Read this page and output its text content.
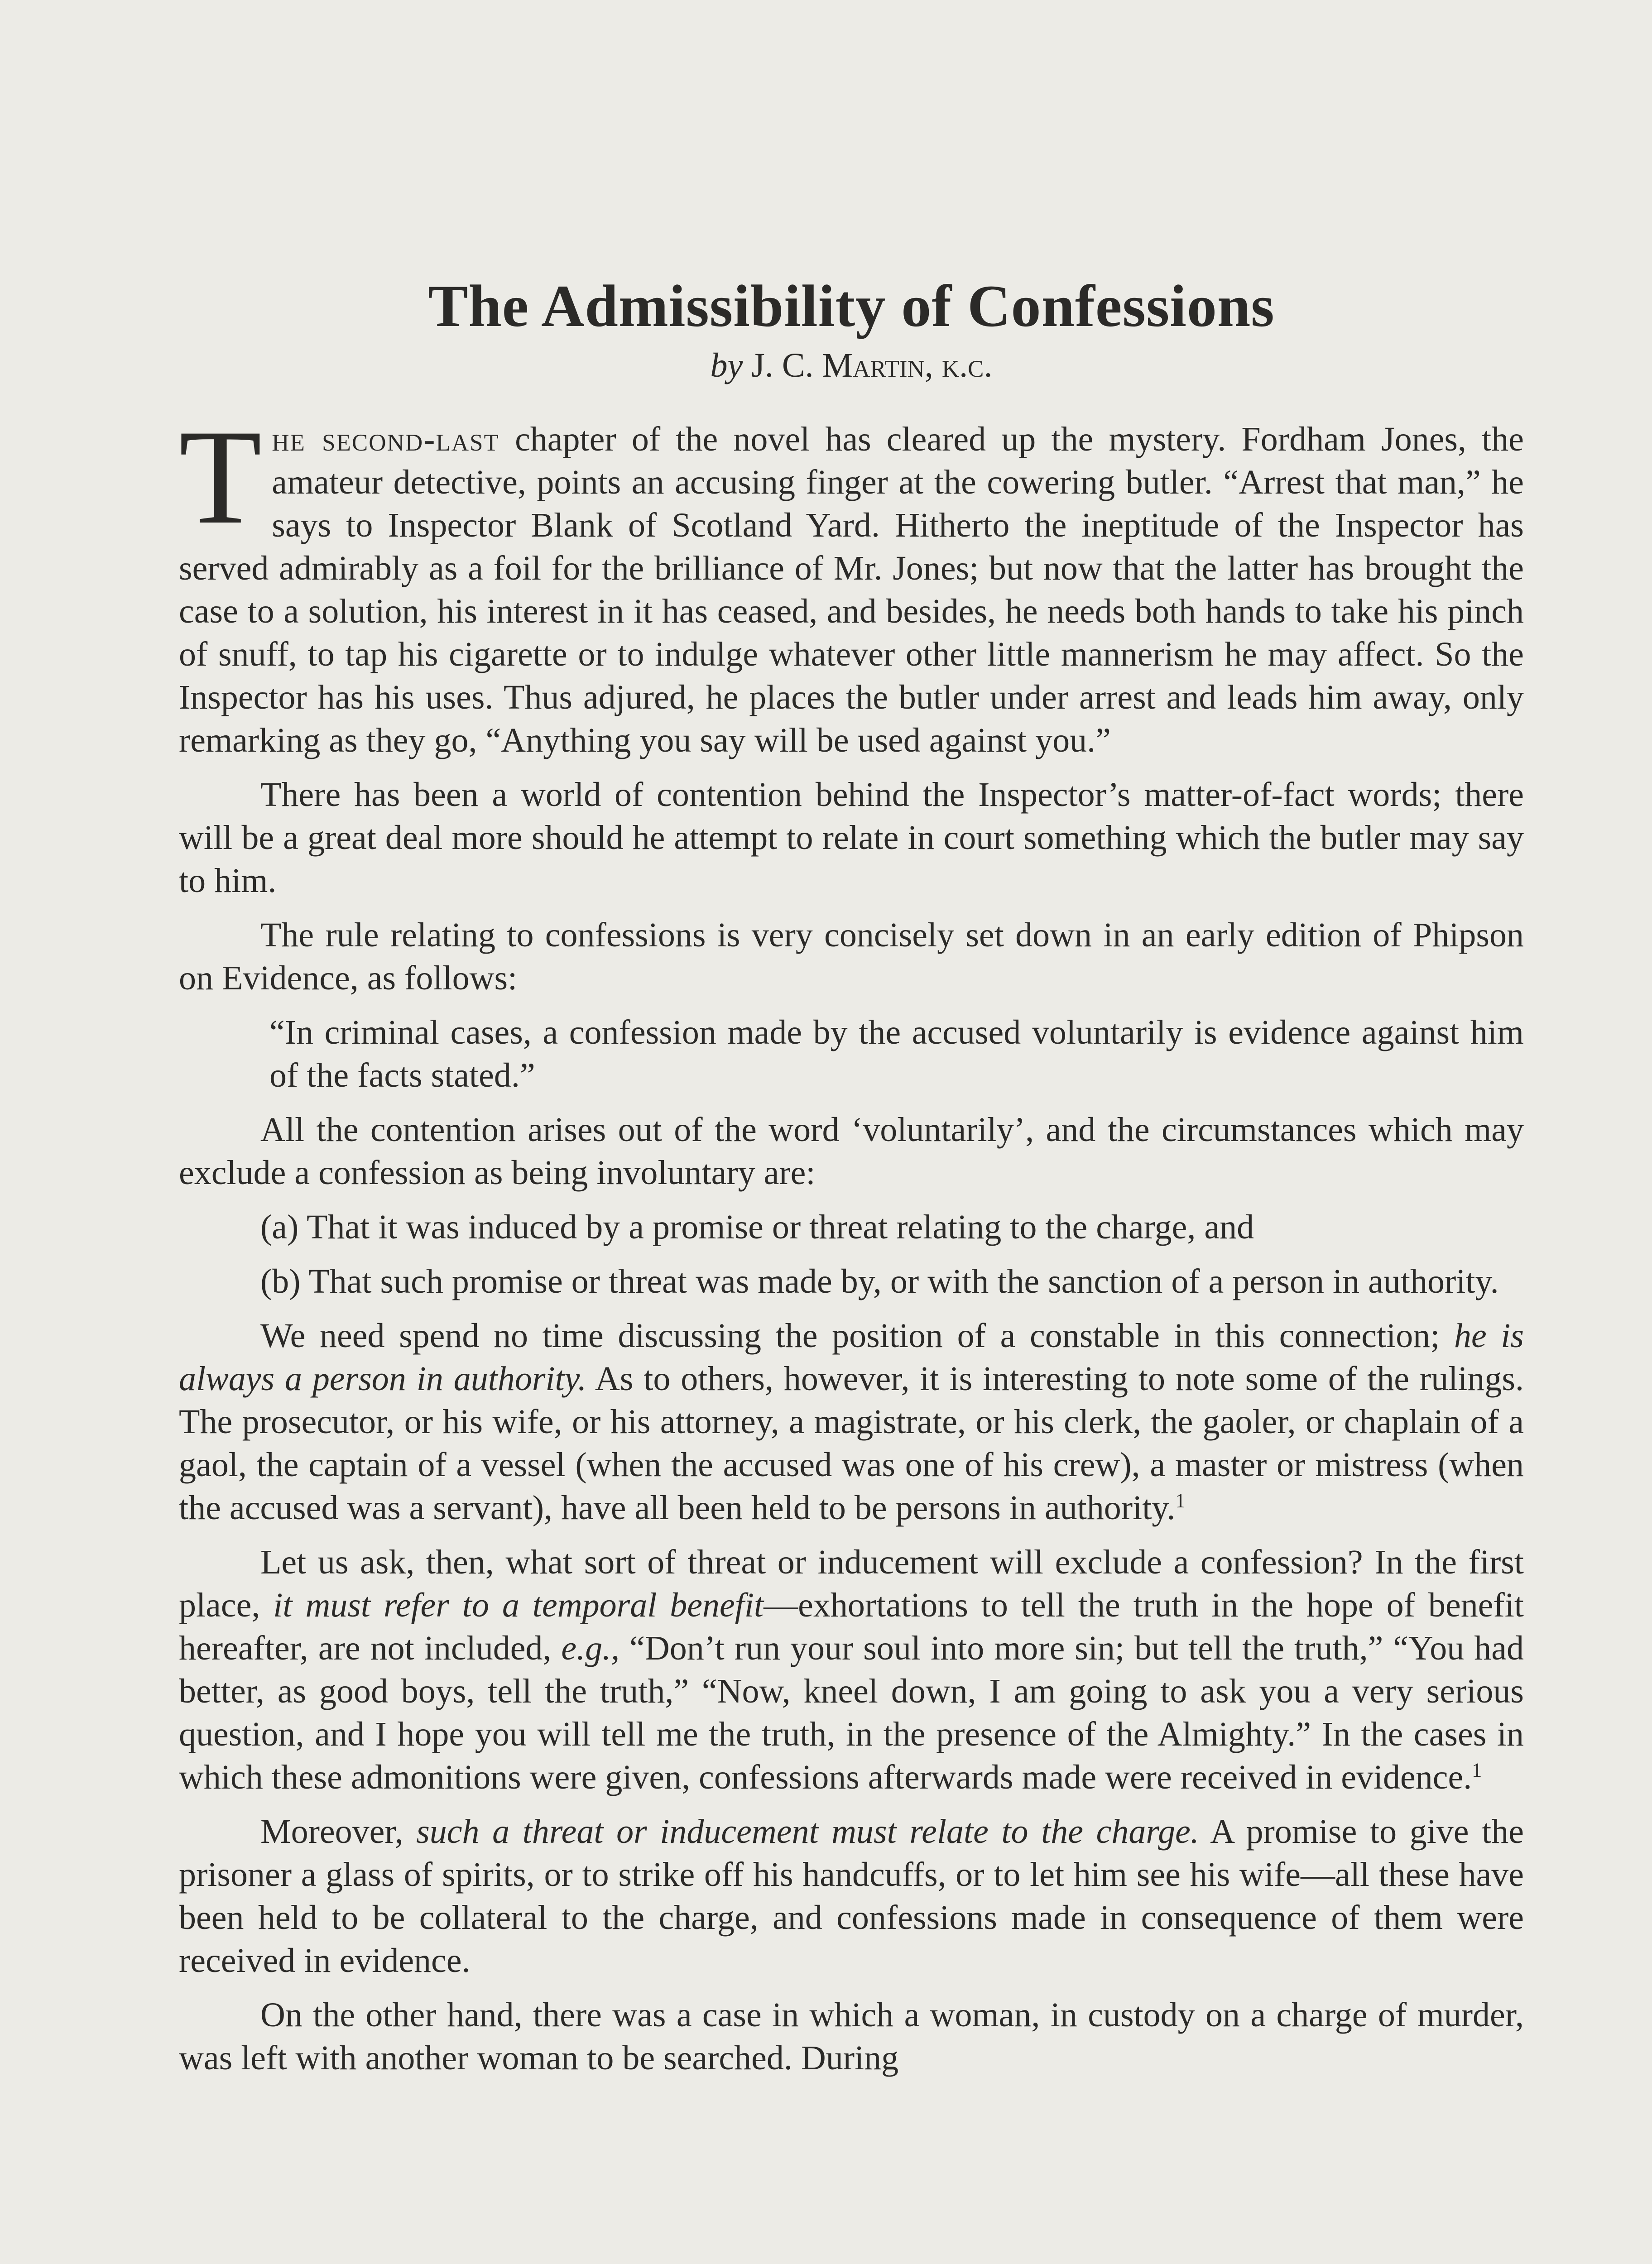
The Admissibility of Confessions
by J. C. Martin, k.c.

The second-last chapter of the novel has cleared up the mystery. Fordham Jones, the amateur detective, points an accusing finger at the cowering butler. “Arrest that man,” he says to Inspector Blank of Scotland Yard. Hitherto the ineptitude of the Inspector has served admirably as a foil for the brilliance of Mr. Jones; but now that the latter has brought the case to a solution, his interest in it has ceased, and besides, he needs both hands to take his pinch of snuff, to tap his cigarette or to indulge whatever other little mannerism he may affect. So the Inspector has his uses. Thus adjured, he places the butler under arrest and leads him away, only remarking as they go, “Anything you say will be used against you.”

There has been a world of contention behind the Inspector’s matter-of-fact words; there will be a great deal more should he attempt to relate in court something which the butler may say to him.

The rule relating to confessions is very concisely set down in an early edition of Phipson on Evidence, as follows:

“In criminal cases, a confession made by the accused voluntarily is evidence against him of the facts stated.”

All the contention arises out of the word ‘voluntarily’, and the circumstances which may exclude a confession as being involuntary are:

(a) That it was induced by a promise or threat relating to the charge, and

(b) That such promise or threat was made by, or with the sanction of a person in authority.

We need spend no time discussing the position of a constable in this connection; he is always a person in authority. As to others, however, it is interesting to note some of the rulings. The prosecutor, or his wife, or his attorney, a magistrate, or his clerk, the gaoler, or chaplain of a gaol, the captain of a vessel (when the accused was one of his crew), a master or mistress (when the accused was a servant), have all been held to be persons in authority.$^1$

Let us ask, then, what sort of threat or inducement will exclude a confession? In the first place, it must refer to a temporal benefit—exhortations to tell the truth in the hope of benefit hereafter, are not included, e.g., “Don’t run your soul into more sin; but tell the truth,” “You had better, as good boys, tell the truth,” “Now, kneel down, I am going to ask you a very serious question, and I hope you will tell me the truth, in the presence of the Almighty.” In the cases in which these admonitions were given, confessions afterwards made were received in evidence.$^1$

Moreover, such a threat or inducement must relate to the charge. A promise to give the prisoner a glass of spirits, or to strike off his handcuffs, or to let him see his wife—all these have been held to be collateral to the charge, and confessions made in consequence of them were received in evidence.

On the other hand, there was a case in which a woman, in custody on a charge of murder, was left with another woman to be searched. During
